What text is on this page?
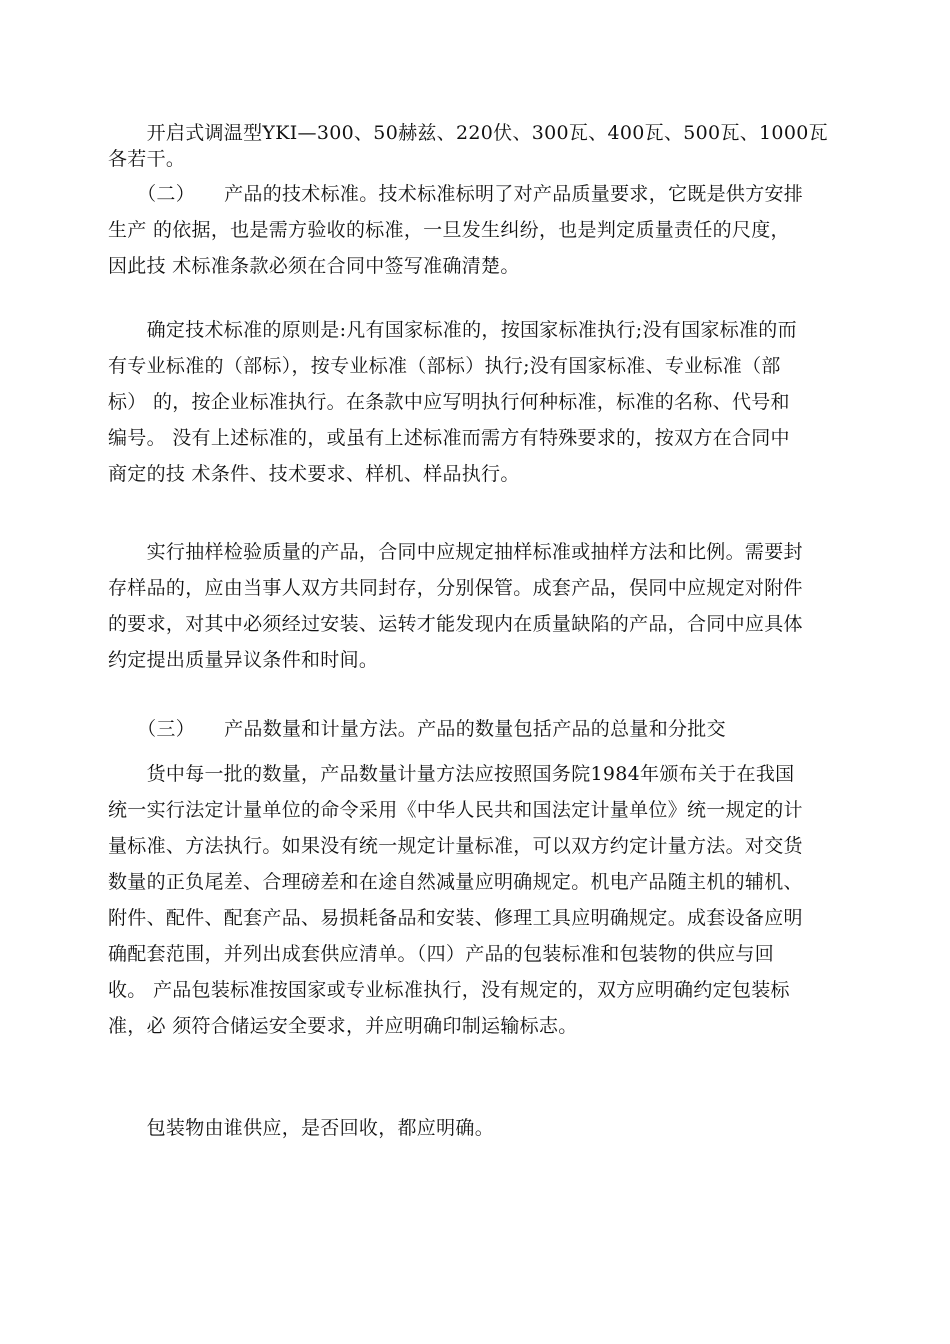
　　开启式调温型YKI—300、50赫兹、220伏、300瓦、400瓦、500瓦、1000瓦
各若干。
　　（二）　　产品的技术标准。技术标准标明了对产品质量要求，它既是供方安排
生产 的依据，也是需方验收的标准，一旦发生纠纷，也是判定质量责任的尺度，
因此技 术标准条款必须在合同中签写准确清楚。
　　确定技术标准的原则是:凡有国家标准的，按国家标准执行;没有国家标准的而
有专业标准的（部标），按专业标准（部标）执行;没有国家标准、专业标准（部
标） 的，按企业标准执行。在条款中应写明执行何种标准，标准的名称、代号和
编号。 没有上述标准的，或虽有上述标准而需方有特殊要求的，按双方在合同中
商定的技 术条件、技术要求、样机、样品执行。
　　实行抽样检验质量的产品，合同中应规定抽样标准或抽样方法和比例。需要封
存样品的，应由当事人双方共同封存，分别保管。成套产品，俣同中应规定对附件
的要求，对其中必须经过安装、运转才能发现内在质量缺陷的产品，合同中应具体
约定提出质量异议条件和时间。
　　（三）　　产品数量和计量方法。产品的数量包括产品的总量和分批交
　　货中每一批的数量，产品数量计量方法应按照国务院1984年颁布关于在我国
统一实行法定计量单位的命令采用《中华人民共和国法定计量单位》统一规定的计
量标准、方法执行。如果没有统一规定计量标准，可以双方约定计量方法。对交货
数量的正负尾差、合理磅差和在途自然减量应明确规定。机电产品随主机的辅机、
附件、配件、配套产品、易损耗备品和安装、修理工具应明确规定。成套设备应明
确配套范围，并列出成套供应清单。（四）产品的包装标准和包装物的供应与回
收。 产品包装标准按国家或专业标准执行，没有规定的，双方应明确约定包装标
准，必 须符合储运安全要求，并应明确印制运输标志。
　　包装物由谁供应，是否回收，都应明确。
